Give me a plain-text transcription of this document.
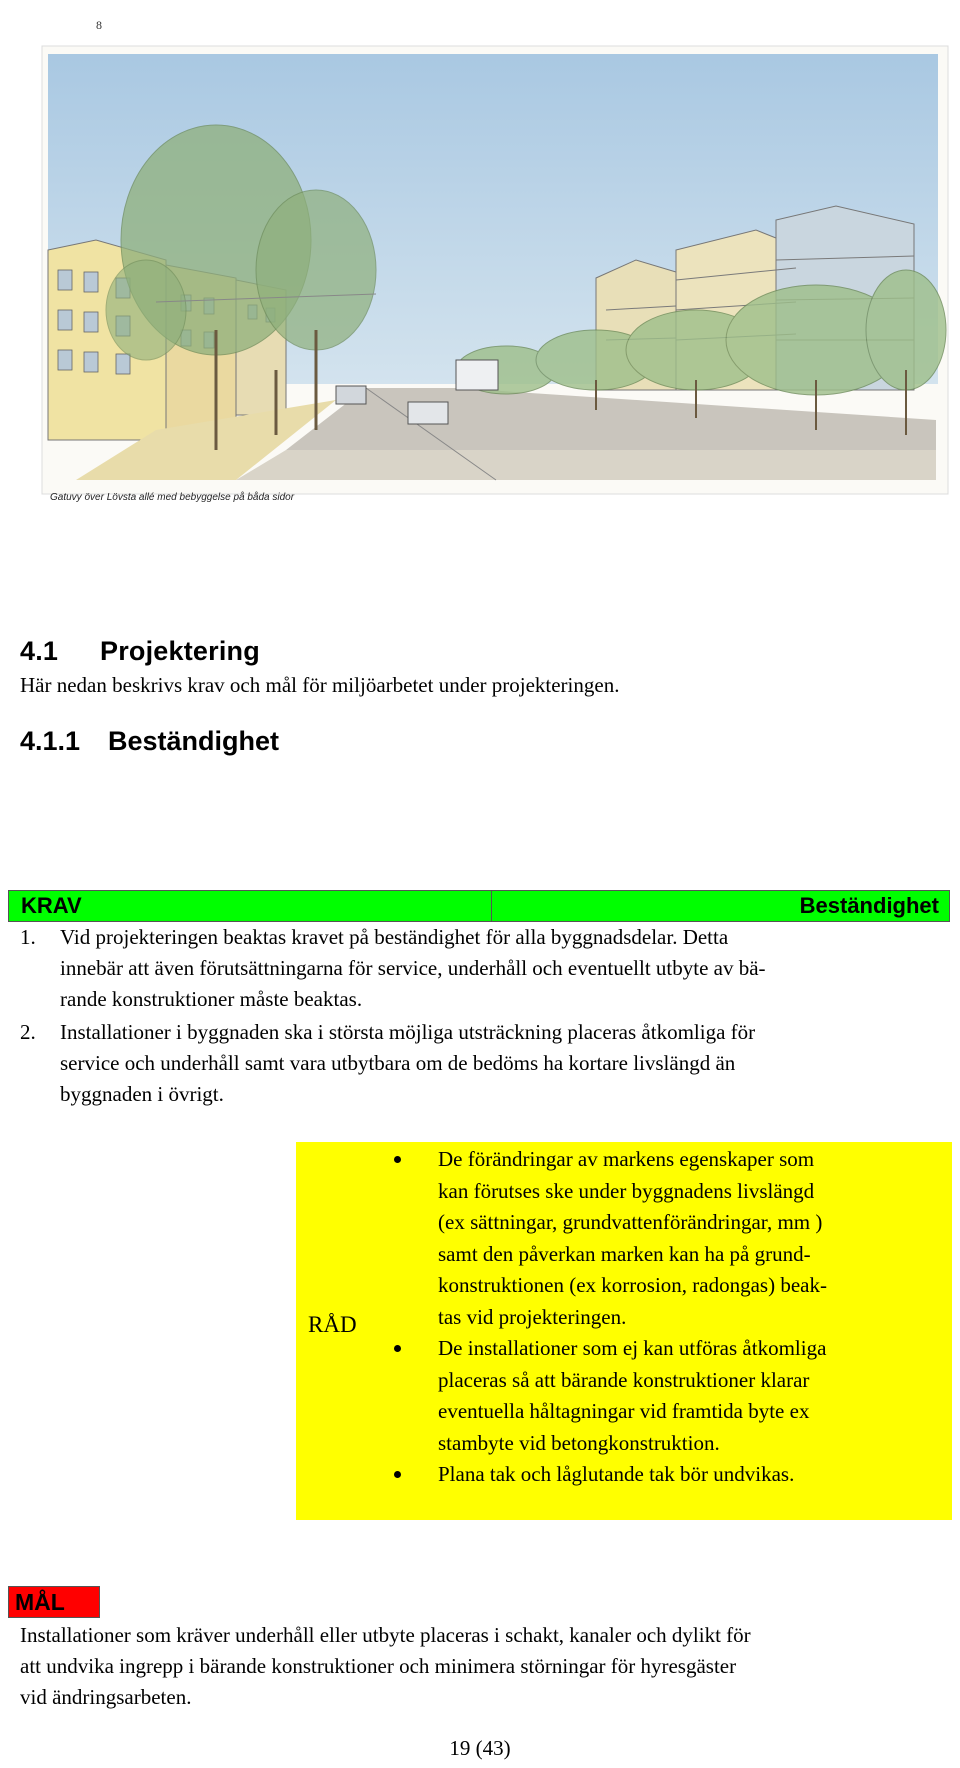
8
Gatuvy över Lövsta allé med bebyggelse på båda sidor
4.1 Projektering
Här nedan beskrivs krav och mål för miljöarbetet under projekteringen.
4.1.1 Beständighet
KRAV	Beständighet
1. Vid projekteringen beaktas kravet på beständighet för alla byggnadsdelar. Detta
innebär att även förutsättningarna för service, underhåll och eventuellt utbyte av bä-
rande konstruktioner måste beaktas.
2. Installationer i byggnaden ska i största möjliga utsträckning placeras åtkomliga för
service och underhåll samt vara utbytbara om de bedöms ha kortare livslängd än
byggnaden i övrigt.
RÅD
De förändringar av markens egenskaper som
kan förutses ske under byggnadens livslängd
(ex sättningar, grundvattenförändringar, mm )
samt den påverkan marken kan ha på grund-
konstruktionen (ex korrosion, radongas) beak-
tas vid projekteringen.
De installationer som ej kan utföras åtkomliga
placeras så att bärande konstruktioner klarar
eventuella håltagningar vid framtida byte ex
stambyte vid betongkonstruktion.
Plana tak och låglutande tak bör undvikas.
MÅL
Installationer som kräver underhåll eller utbyte placeras i schakt, kanaler och dylikt för
att undvika ingrepp i bärande konstruktioner och minimera störningar för hyresgäster
vid ändringsarbeten.
19 (43)
